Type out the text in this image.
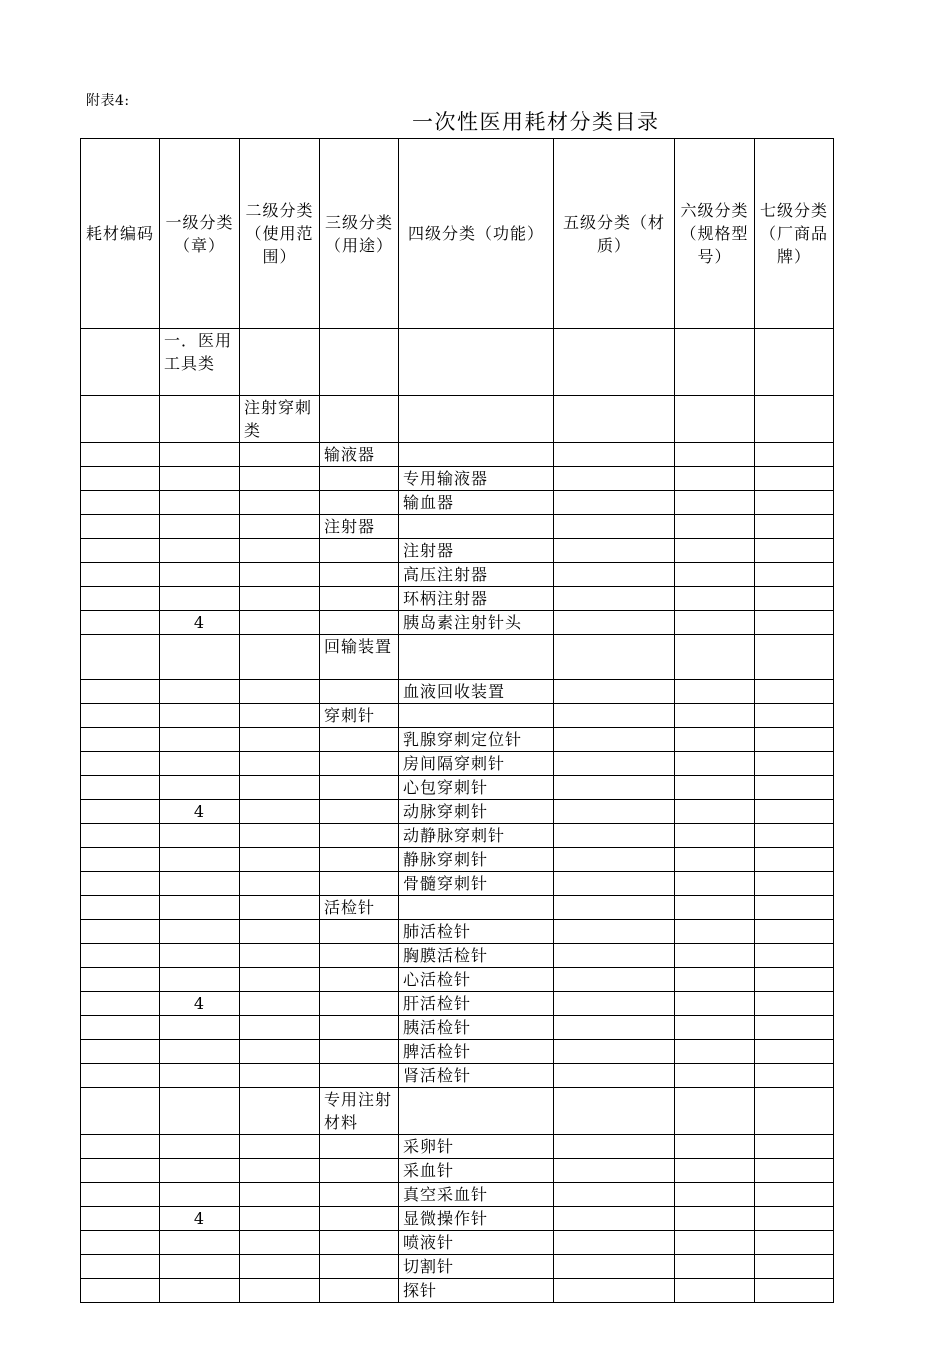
附表4:
一次性医用耗材分类目录
耗材编码	一级分类（章）	二级分类（使用范围）	三级分类（用途）	四级分类（功能）	五级分类（材质）	六级分类（规格型号）	七级分类（厂商品牌）
	一．医用工具类						
		注射穿刺类					
			输液器				
				专用输液器			
				输血器			
			注射器				
				注射器			
				高压注射器			
				环柄注射器			
	4			胰岛素注射针头			
			回输装置				
				血液回收装置			
			穿刺针				
				乳腺穿刺定位针			
				房间隔穿刺针			
				心包穿刺针			
	4			动脉穿刺针			
				动静脉穿刺针			
				静脉穿刺针			
				骨髓穿刺针			
			活检针				
				肺活检针			
				胸膜活检针			
				心活检针			
	4			肝活检针			
				胰活检针			
				脾活检针			
				肾活检针			
			专用注射材料				
				采卵针			
				采血针			
				真空采血针			
	4			显微操作针			
				喷液针			
				切割针			
				探针			
